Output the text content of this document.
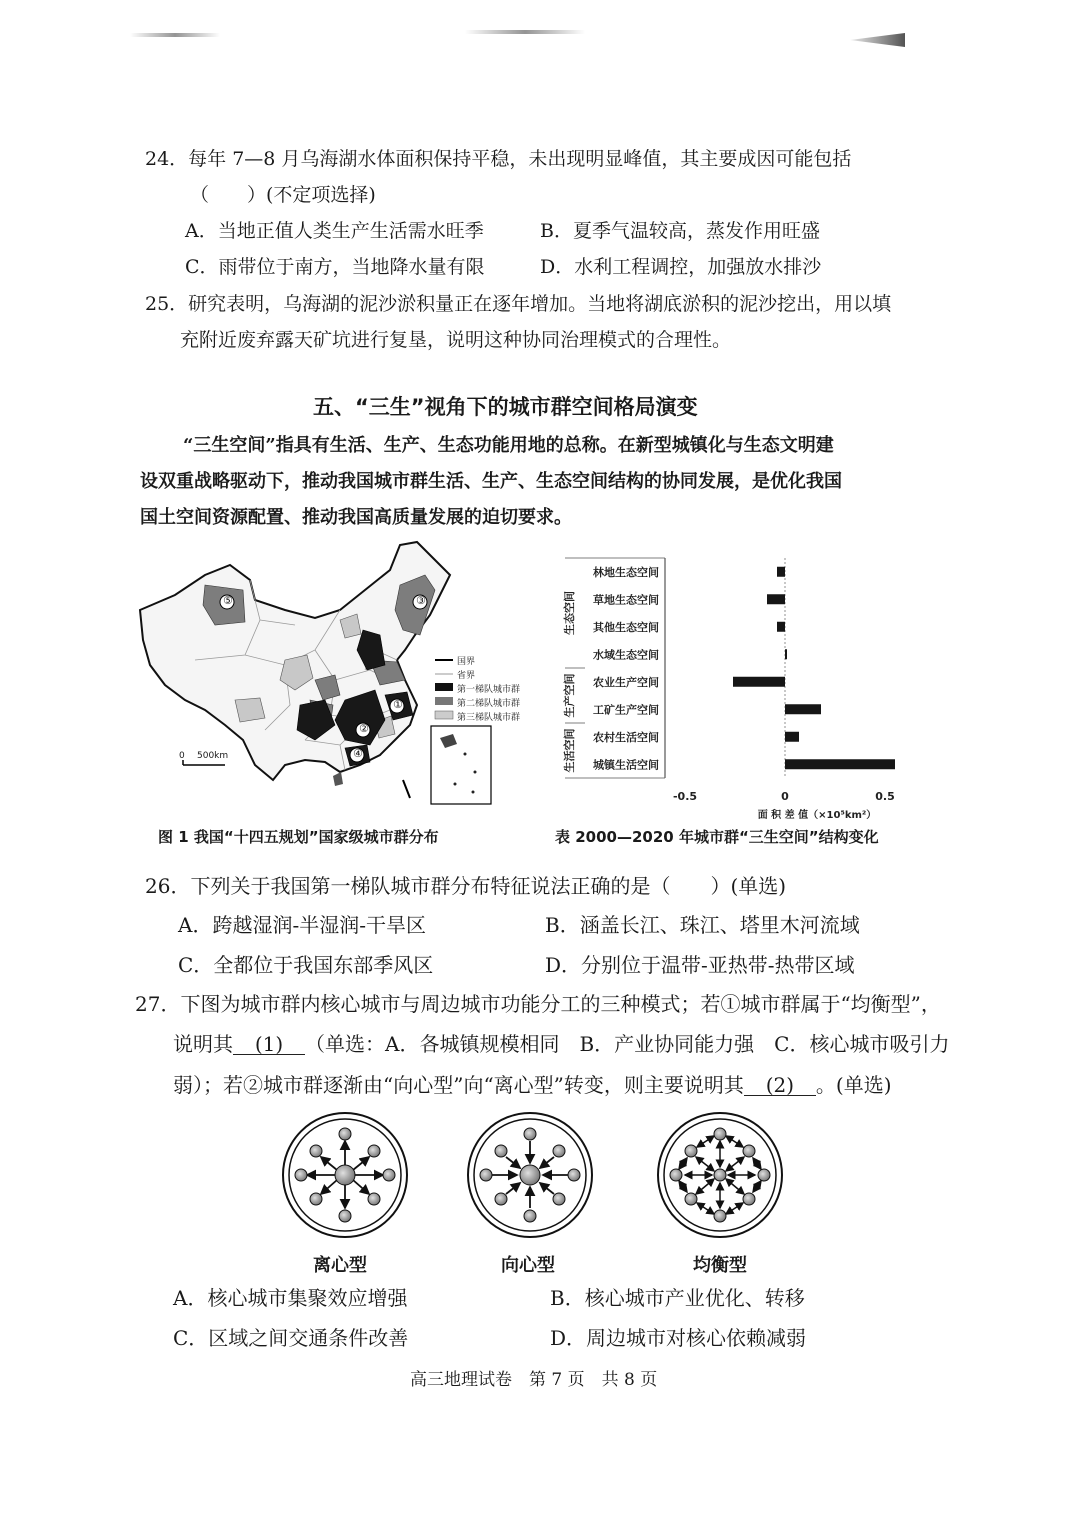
24．每年 7—8 月乌海湖水体面积保持平稳，未出现明显峰值，其主要成因可能包括
（　　）(不定项选择)
A．当地正值人类生产生活需水旺季	B．夏季气温较高，蒸发作用旺盛
C．雨带位于南方，当地降水量有限	D．水利工程调控，加强放水排沙
25．研究表明，乌海湖的泥沙淤积量正在逐年增加。当地将湖底淤积的泥沙挖出，用以填
充附近废弃露天矿坑进行复垦，说明这种协同治理模式的合理性。
五、“三生”视角下的城市群空间格局演变
“三生空间”指具有生活、生产、生态功能用地的总称。在新型城镇化与生态文明建
设双重战略驱动下，推动我国城市群生活、生产、生态空间结构的协同发展，是优化我国
国土空间资源配置、推动我国高质量发展的迫切要求。
①
②
③
④
⑤
国界
省界
第一梯队城市群
第二梯队城市群
第三梯队城市群
0 500km
图 1 我国“十四五规划”国家级城市群分布
林地生态空间
草地生态空间
其他生态空间
水域生态空间
农业生产空间
工矿生产空间
农村生活空间
城镇生活空间
生态空间
生产空间
生活空间
-0.5	0	0.5
面 积 差 值（×10⁵km²）
表 2000—2020 年城市群“三生空间”结构变化
26．下列关于我国第一梯队城市群分布特征说法正确的是（　　）(单选)
A．跨越湿润-半湿润-干旱区	B．涵盖长江、珠江、塔里木河流域
C．全都位于我国东部季风区	D．分别位于温带-亚热带-热带区域
27．下图为城市群内核心城市与周边城市功能分工的三种模式；若①城市群属于“均衡型”，
说明其 (1) （单选：A．各城镇规模相同　B．产业协同能力强　C．核心城市吸引力
弱）；若②城市群逐渐由“向心型”向“离心型”转变，则主要说明其 (2) 。(单选)
离心型	向心型	均衡型
A．核心城市集聚效应增强	B．核心城市产业优化、转移
C．区域之间交通条件改善	D．周边城市对核心依赖减弱
高三地理试卷　第 7 页　共 8 页
